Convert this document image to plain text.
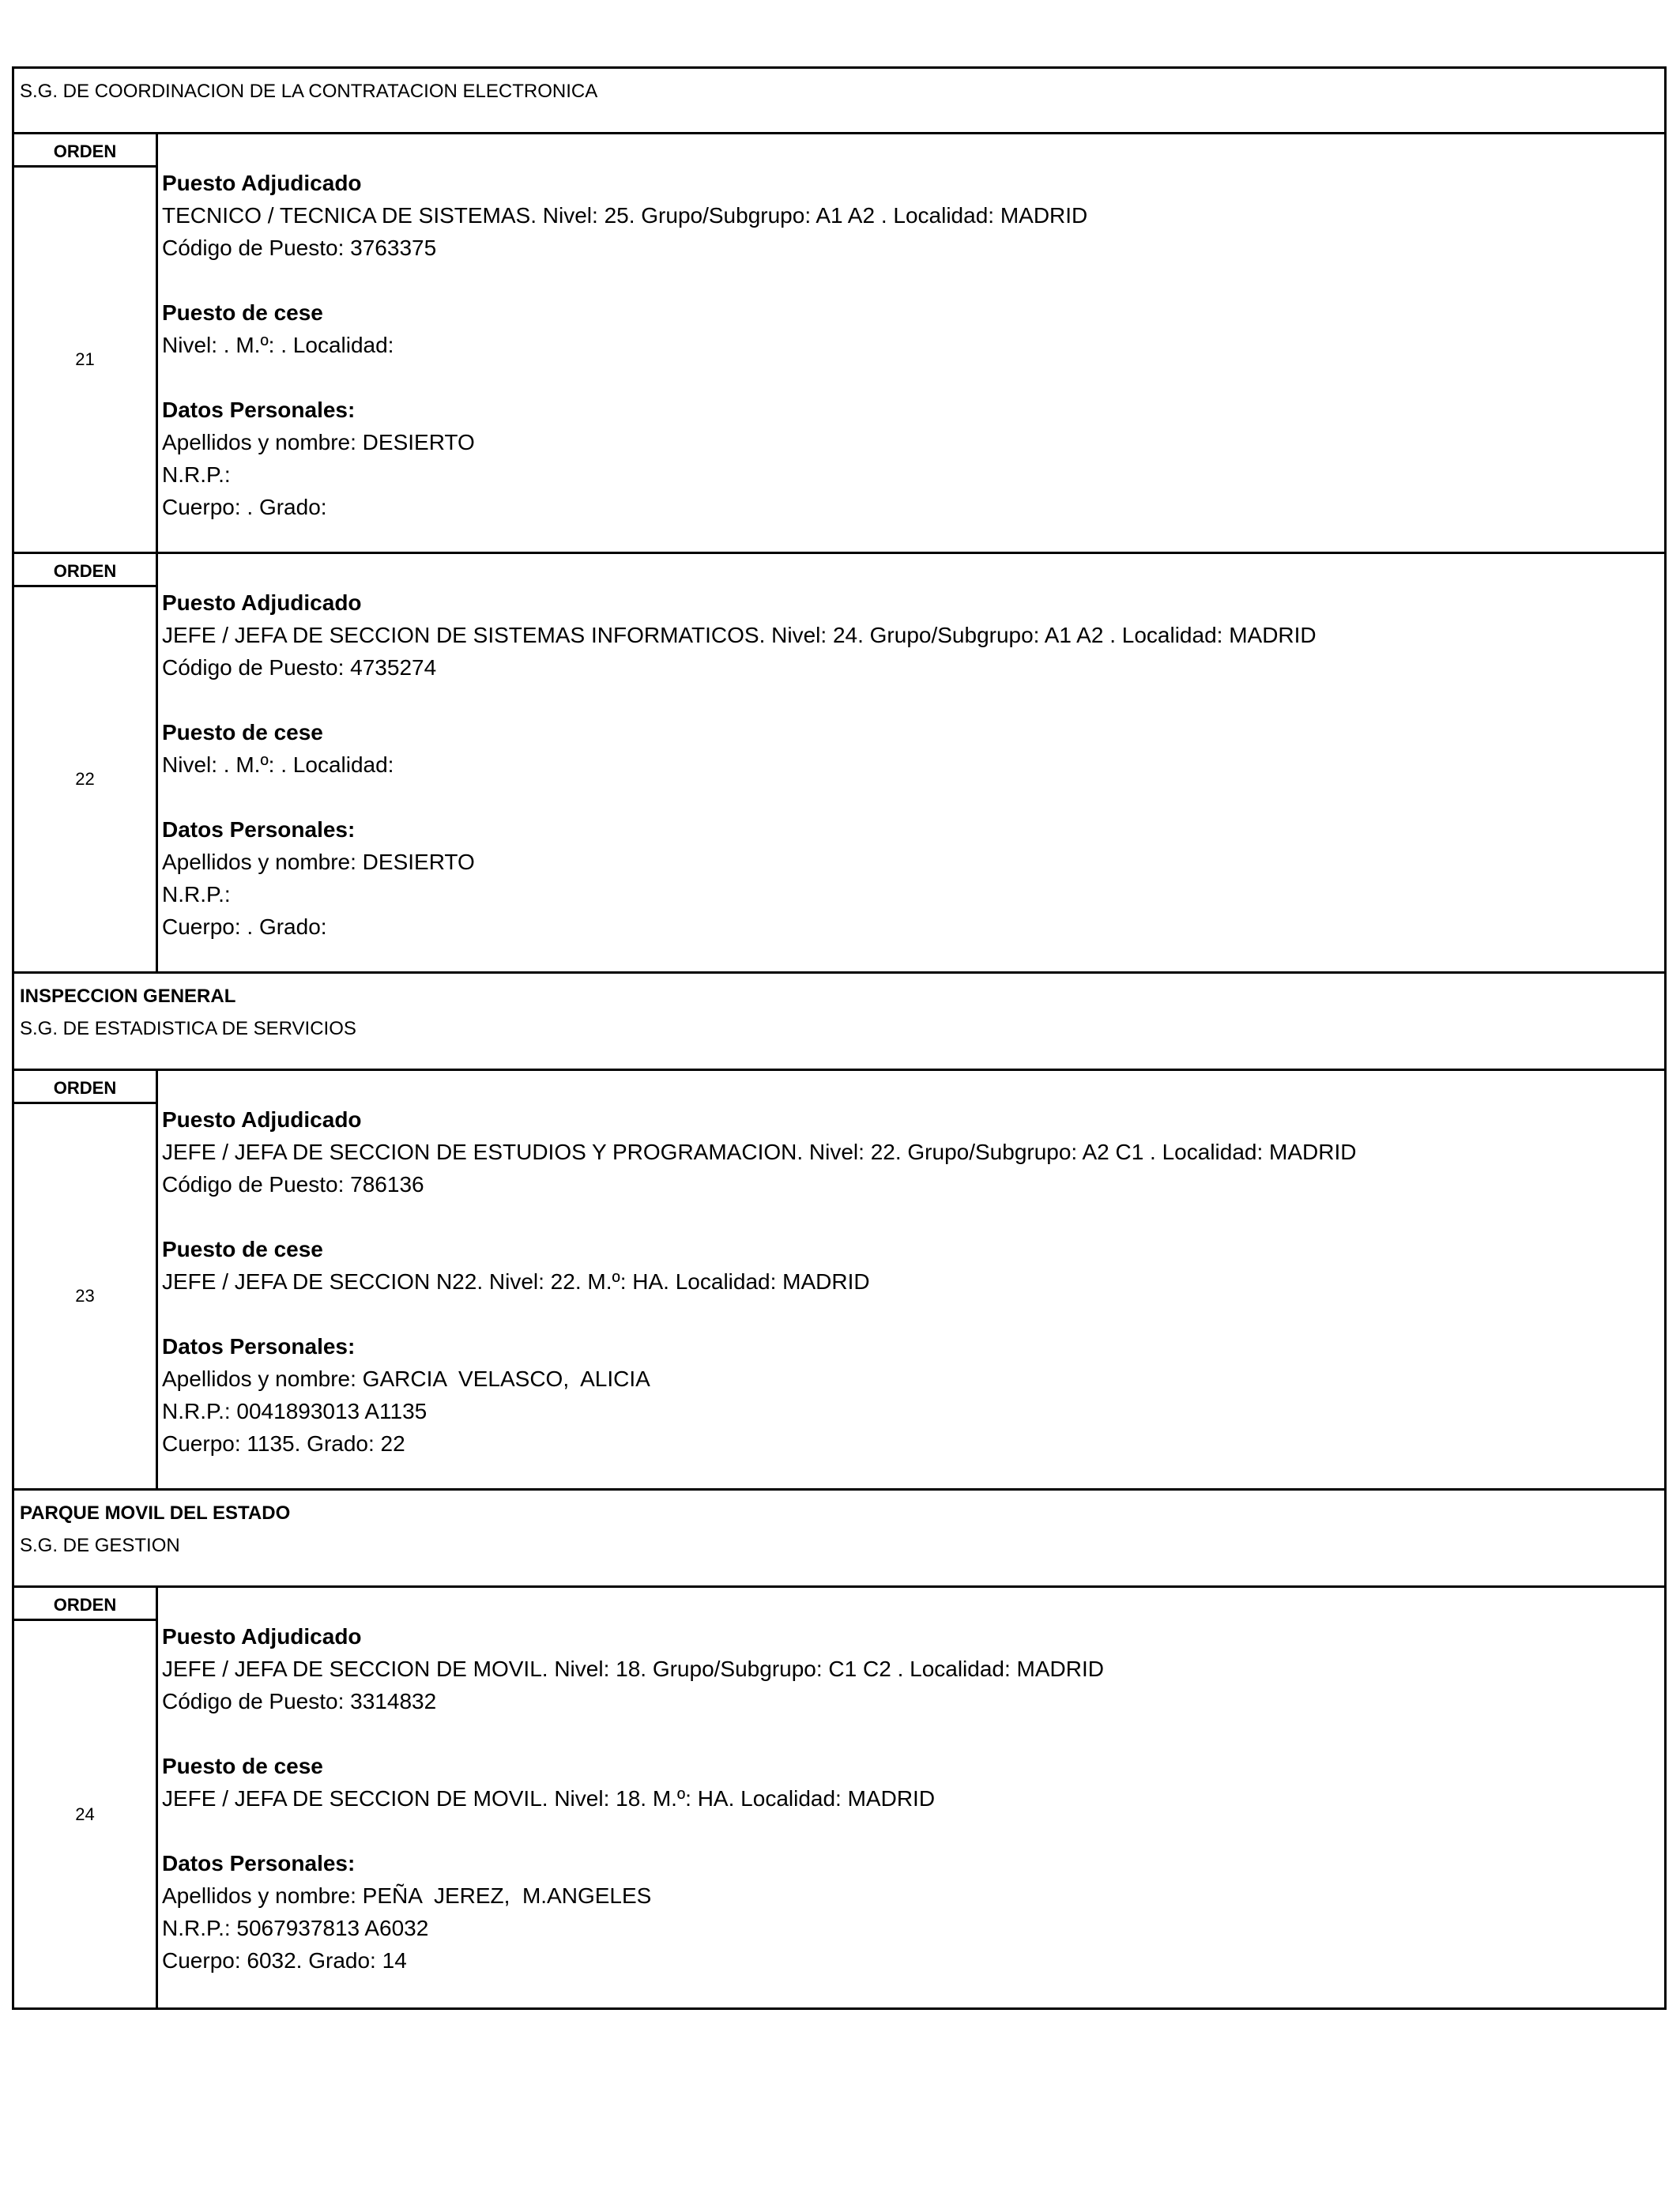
S.G. DE COORDINACION DE LA CONTRATACION ELECTRONICA
ORDEN
21
Puesto Adjudicado
TECNICO / TECNICA DE SISTEMAS. Nivel: 25. Grupo/Subgrupo: A1 A2 . Localidad: MADRID
Código de Puesto: 3763375
Puesto de cese
Nivel: . M.º: . Localidad:
Datos Personales:
Apellidos y nombre: DESIERTO
N.R.P.:
Cuerpo: . Grado:
ORDEN
22
Puesto Adjudicado
JEFE / JEFA DE SECCION DE SISTEMAS INFORMATICOS. Nivel: 24. Grupo/Subgrupo: A1 A2 . Localidad: MADRID
Código de Puesto: 4735274
Puesto de cese
Nivel: . M.º: . Localidad:
Datos Personales:
Apellidos y nombre: DESIERTO
N.R.P.:
Cuerpo: . Grado:
INSPECCION GENERAL
S.G. DE ESTADISTICA DE SERVICIOS
ORDEN
23
Puesto Adjudicado
JEFE / JEFA DE SECCION DE ESTUDIOS Y PROGRAMACION. Nivel: 22. Grupo/Subgrupo: A2 C1 . Localidad: MADRID
Código de Puesto: 786136
Puesto de cese
JEFE / JEFA DE SECCION N22. Nivel: 22. M.º: HA. Localidad: MADRID
Datos Personales:
Apellidos y nombre: GARCIA  VELASCO,  ALICIA
N.R.P.: 0041893013 A1135
Cuerpo: 1135. Grado: 22
PARQUE MOVIL DEL ESTADO
S.G. DE GESTION
ORDEN
24
Puesto Adjudicado
JEFE / JEFA DE SECCION DE MOVIL. Nivel: 18. Grupo/Subgrupo: C1 C2 . Localidad: MADRID
Código de Puesto: 3314832
Puesto de cese
JEFE / JEFA DE SECCION DE MOVIL. Nivel: 18. M.º: HA. Localidad: MADRID
Datos Personales:
Apellidos y nombre: PEÑA  JEREZ,  M.ANGELES
N.R.P.: 5067937813 A6032
Cuerpo: 6032. Grado: 14
